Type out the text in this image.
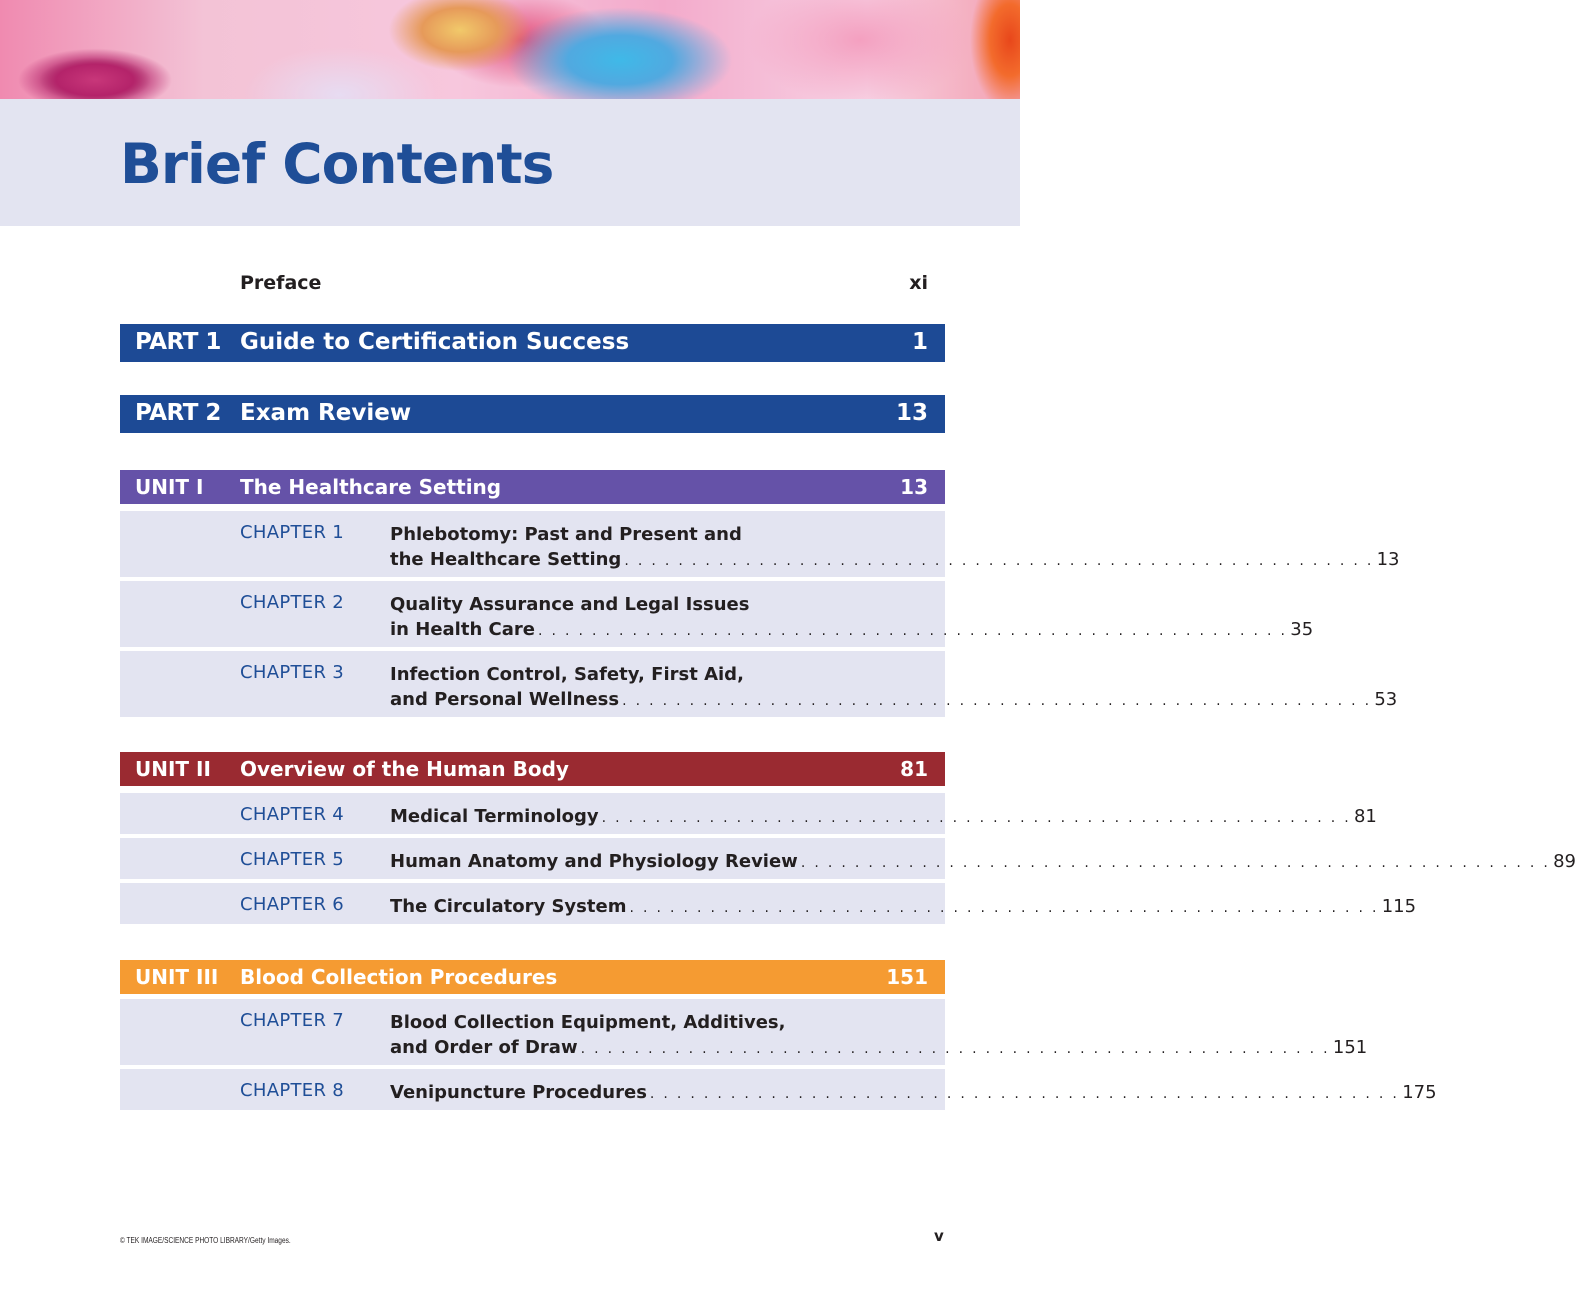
Brief Contents
Preface	xi
PART 1 Guide to Certification Success	1
PART 2 Exam Review	13
UNIT I The Healthcare Setting	13
CHAPTER 1	Phlebotomy: Past and Present and
the Healthcare Setting . . . . . . . . . . . . . . . . . . . . . . . . . . . . . . . . . . . . . . . . . . . . . . . . . . . . . . . . 13
CHAPTER 2	Quality Assurance and Legal Issues
in Health Care . . . . . . . . . . . . . . . . . . . . . . . . . . . . . . . . . . . . . . . . . . . . . . . . . . . . . . . . 35
CHAPTER 3	Infection Control, Safety, First Aid,
and Personal Wellness . . . . . . . . . . . . . . . . . . . . . . . . . . . . . . . . . . . . . . . . . . . . . . . . . . . . . . . . 53
UNIT II Overview of the Human Body	81
CHAPTER 4	Medical Terminology . . . . . . . . . . . . . . . . . . . . . . . . . . . . . . . . . . . . . . . . . . . . . . . . . . . . . . . . 81
CHAPTER 5	Human Anatomy and Physiology Review . . . . . . . . . . . . . . . . . . . . . . . . . . . . . . . . . . . . . . . . . . . . . . . . . . . . . . . . 89
CHAPTER 6	The Circulatory System . . . . . . . . . . . . . . . . . . . . . . . . . . . . . . . . . . . . . . . . . . . . . . . . . . . . . . . . 115
UNIT III Blood Collection Procedures	151
CHAPTER 7	Blood Collection Equipment, Additives,
and Order of Draw . . . . . . . . . . . . . . . . . . . . . . . . . . . . . . . . . . . . . . . . . . . . . . . . . . . . . . . . 151
CHAPTER 8	Venipuncture Procedures . . . . . . . . . . . . . . . . . . . . . . . . . . . . . . . . . . . . . . . . . . . . . . . . . . . . . . . . 175
© TEK IMAGE/SCIENCE PHOTO LIBRARY/Getty Images.	v
